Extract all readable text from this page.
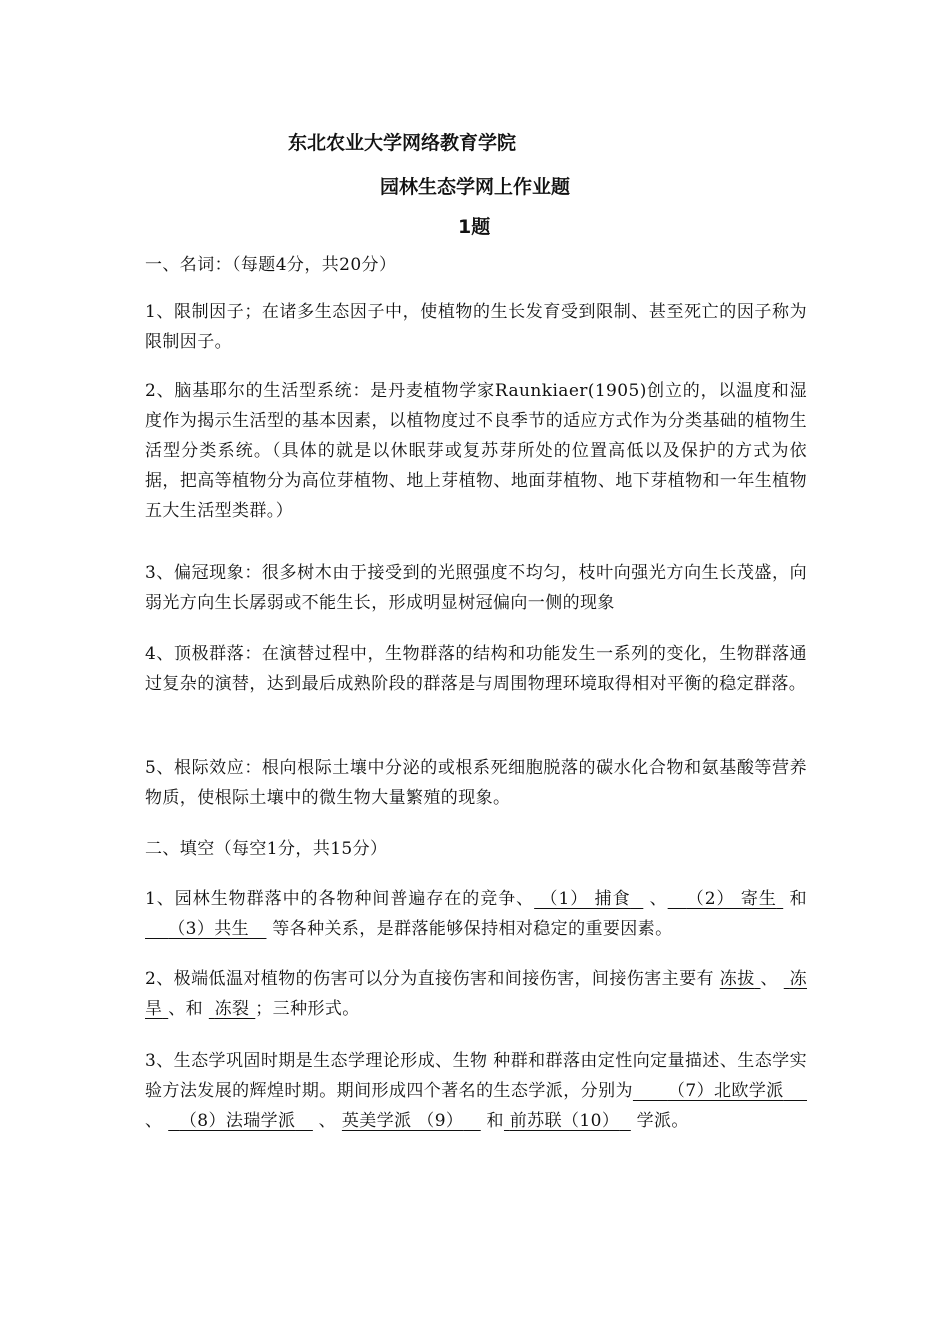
东北农业大学网络教育学院
园林生态学网上作业题
1题
一、名词：（每题4分，共20分）

1、限制因子；在诸多生态因子中，使植物的生长发育受到限制、甚至死亡的因子称为限制因子。

2、脑基耶尔的生活型系统：是丹麦植物学家Raunkiaer(1905)创立的，以温度和湿度作为揭示生活型的基本因素，以植物度过不良季节的适应方式作为分类基础的植物生活型分类系统。（具体的就是以休眠芽或复苏芽所处的位置高低以及保护的方式为依据，把高等植物分为高位芽植物、地上芽植物、地面芽植物、地下芽植物和一年生植物五大生活型类群。）

3、偏冠现象：很多树木由于接受到的光照强度不均匀，枝叶向强光方向生长茂盛，向弱光方向生长孱弱或不能生长，形成明显树冠偏向一侧的现象

4、顶极群落：在演替过程中，生物群落的结构和功能发生一系列的变化，生物群落通过复杂的演替，达到最后成熟阶段的群落是与周围物理环境取得相对平衡的稳定群落。

5、根际效应：根向根际土壤中分泌的或根系死细胞脱落的碳水化合物和氨基酸等营养物质，使根际土壤中的微生物大量繁殖的现象。

二、填空（每空1分，共15分）

1、园林生物群落中的各物种间普遍存在的竞争、 （1） 捕食   、 （2） 寄生  和     （3）共生    等各种关系，是群落能够保持相对稳定的重要因素。

2、极端低温对植物的伤害可以分为直接伤害和间接伤害，间接伤害主要有 冻拔 、 冻旱 、和 冻裂 ；三种形式。

3、生态学巩固时期是生态学理论形成、生物 种群和群落由定性向定量描述、生态学实验方法发展的辉煌时期。期间形成四个著名的生态学派，分别为 （7）北欧学派     、 （8）法瑞学派    、 英美学派 （9）    和 前苏联（10）   学派。
